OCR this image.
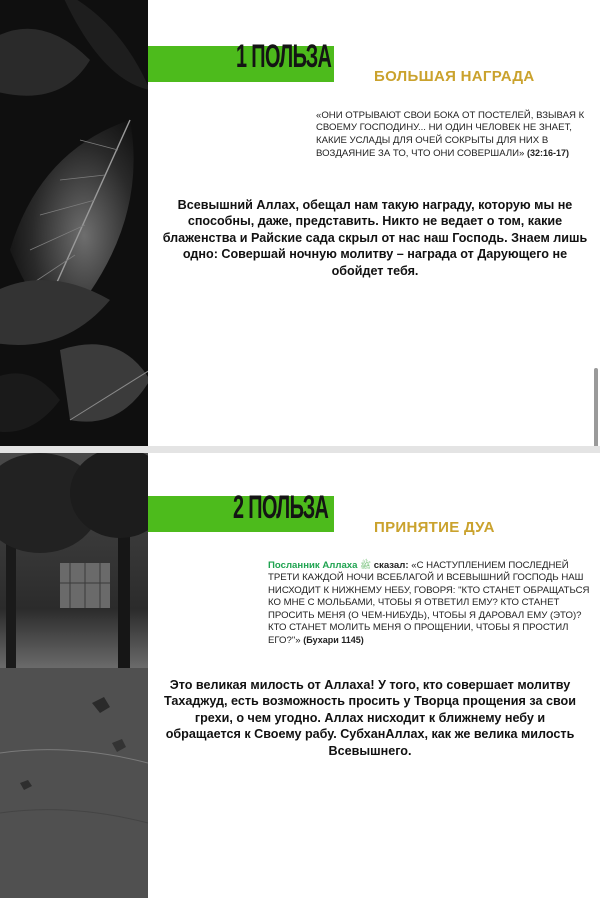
1 ПОЛЬЗА
БОЛЬШАЯ НАГРАДА
«ОНИ ОТРЫВАЮТ СВОИ БОКА ОТ ПОСТЕЛЕЙ, ВЗЫВАЯ К СВОЕМУ ГОСПОДИНУ... НИ ОДИН ЧЕЛОВЕК НЕ ЗНАЕТ, КАКИЕ УСЛАДЫ ДЛЯ ОЧЕЙ СОКРЫТЫ ДЛЯ НИХ В ВОЗДАЯНИЕ ЗА ТО, ЧТО ОНИ СОВЕРШАЛИ» (32:16-17)
Всевышний Аллах, обещал нам такую награду, которую мы не способны, даже, представить. Никто не ведает о том, какие блаженства и Райские сада скрыл от нас наш Господь. Знаем лишь одно: Совершай ночную молитву – награда от Дарующего не обойдет тебя.
2 ПОЛЬЗА
ПРИНЯТИЕ ДУА
Посланник Аллаха ﷺ сказал: «С НАСТУПЛЕНИЕМ ПОСЛЕДНЕЙ ТРЕТИ КАЖДОЙ НОЧИ ВСЕБЛАГОЙ И ВСЕВЫШНИЙ ГОСПОДЬ НАШ НИСХОДИТ К НИЖНЕМУ НЕБУ, ГОВОРЯ: "КТО СТАНЕТ ОБРАЩАТЬСЯ КО МНЕ С МОЛЬБАМИ, ЧТОБЫ Я ОТВЕТИЛ ЕМУ? КТО СТАНЕТ ПРОСИТЬ МЕНЯ (О ЧЕМ-НИБУДЬ), ЧТОБЫ Я ДАРОВАЛ ЕМУ (ЭТО)? КТО СТАНЕТ МОЛИТЬ МЕНЯ О ПРОЩЕНИИ, ЧТОБЫ Я ПРОСТИЛ ЕГО?"» (Бухари 1145)
Это великая милость от Аллаха! У того, кто совершает молитву Тахаджуд, есть возможность просить у Творца прощения за свои грехи, о чем угодно. Аллах нисходит к ближнему небу и обращается к Своему рабу. СубханАллах, как же велика милость Всевышнего.
